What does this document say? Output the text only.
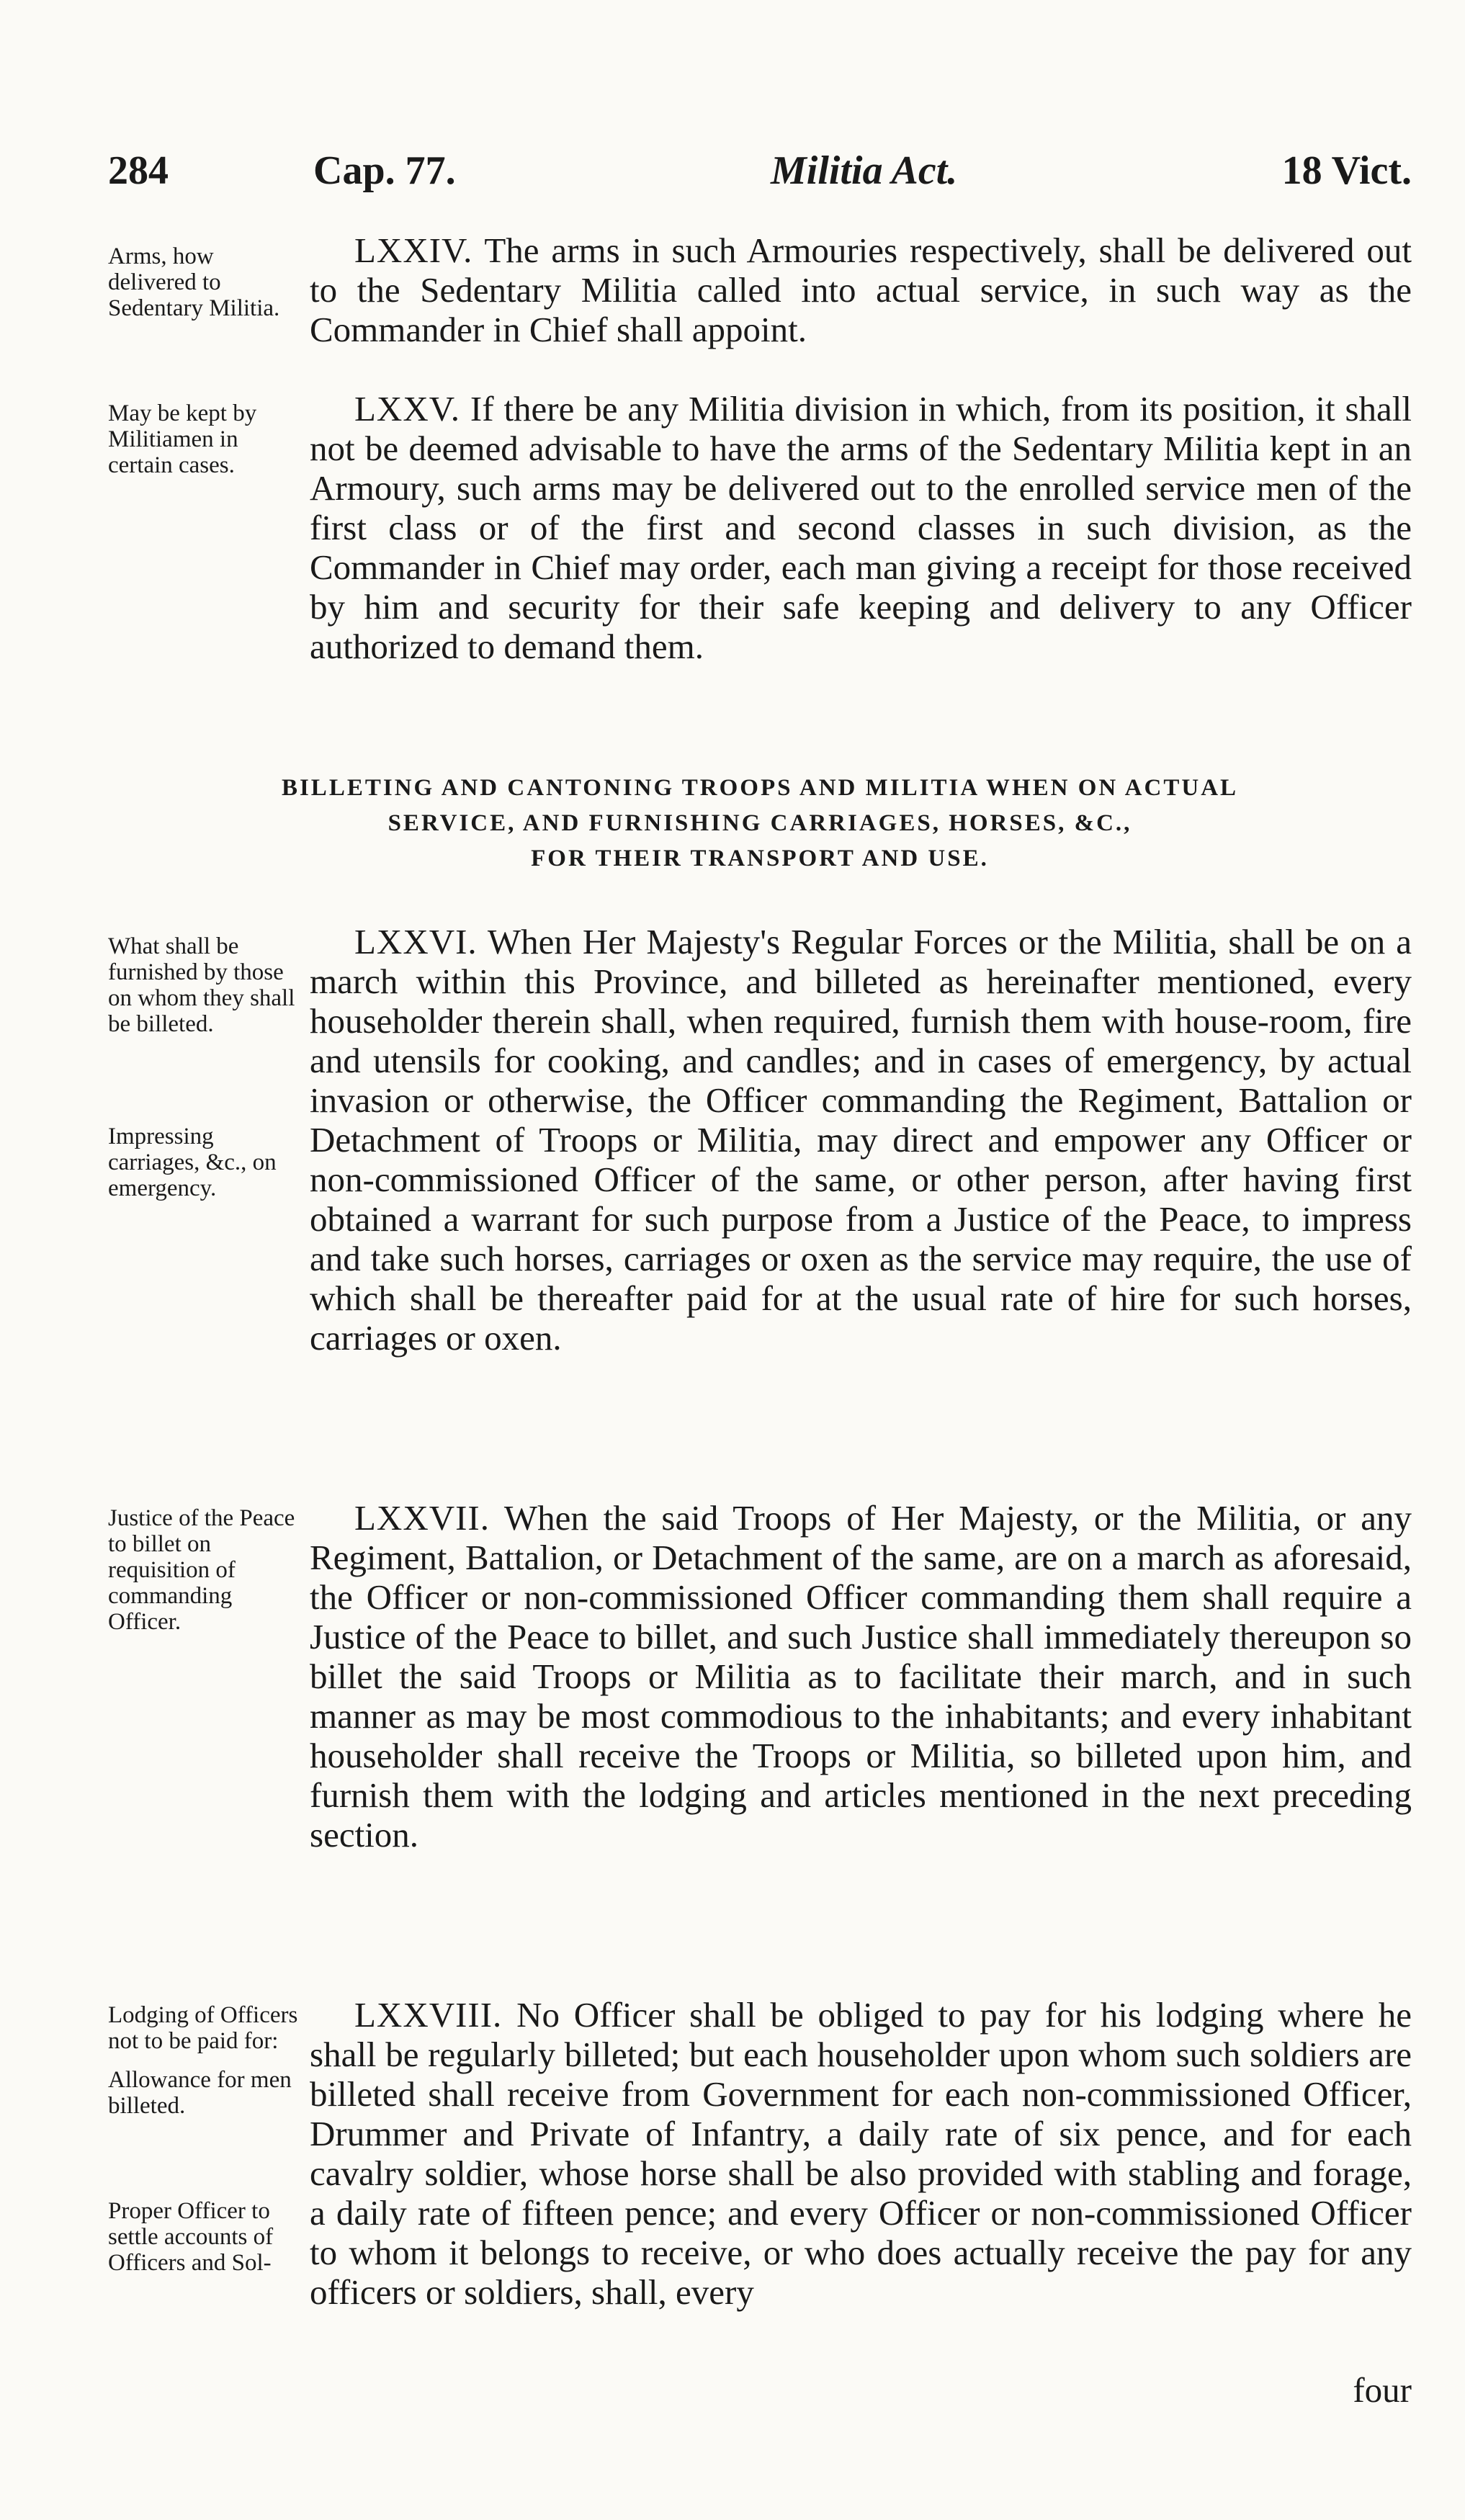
284	Cap. 77.	Militia Act.	18 Vict.
Arms, how delivered to Sedentary Militia.
LXXIV. The arms in such Armouries respectively, shall be delivered out to the Sedentary Militia called into actual service, in such way as the Commander in Chief shall appoint.
May be kept by Militiamen in certain cases.
LXXV. If there be any Militia division in which, from its position, it shall not be deemed advisable to have the arms of the Sedentary Militia kept in an Armoury, such arms may be delivered out to the enrolled service men of the first class or of the first and second classes in such division, as the Commander in Chief may order, each man giving a receipt for those received by him and security for their safe keeping and delivery to any Officer authorized to demand them.
BILLETING AND CANTONING TROOPS AND MILITIA WHEN ON ACTUAL
SERVICE, AND FURNISHING CARRIAGES, HORSES, &C.,
FOR THEIR TRANSPORT AND USE.
What shall be furnished by those on whom they shall be billeted.
Impressing carriages, &c., on emergency.
LXXVI. When Her Majesty's Regular Forces or the Militia, shall be on a march within this Province, and billeted as hereinafter mentioned, every householder therein shall, when required, furnish them with house-room, fire and utensils for cooking, and candles; and in cases of emergency, by actual invasion or otherwise, the Officer commanding the Regiment, Battalion or Detachment of Troops or Militia, may direct and empower any Officer or non-commissioned Officer of the same, or other person, after having first obtained a warrant for such purpose from a Justice of the Peace, to impress and take such horses, carriages or oxen as the service may require, the use of which shall be thereafter paid for at the usual rate of hire for such horses, carriages or oxen.
Justice of the Peace to billet on requisition of commanding Officer.
LXXVII. When the said Troops of Her Majesty, or the Militia, or any Regiment, Battalion, or Detachment of the same, are on a march as aforesaid, the Officer or non-commissioned Officer commanding them shall require a Justice of the Peace to billet, and such Justice shall immediately thereupon so billet the said Troops or Militia as to facilitate their march, and in such manner as may be most commodious to the inhabitants; and every inhabitant householder shall receive the Troops or Militia, so billeted upon him, and furnish them with the lodging and articles mentioned in the next preceding section.
Lodging of Officers not to be paid for:
Allowance for men billeted.
Proper Officer to settle accounts of Officers and Sol-
LXXVIII. No Officer shall be obliged to pay for his lodging where he shall be regularly billeted; but each householder upon whom such soldiers are billeted shall receive from Government for each non-commissioned Officer, Drummer and Private of Infantry, a daily rate of six pence, and for each cavalry soldier, whose horse shall be also provided with stabling and forage, a daily rate of fifteen pence; and every Officer or non-commissioned Officer to whom it belongs to receive, or who does actually receive the pay for any officers or soldiers, shall, every
four
